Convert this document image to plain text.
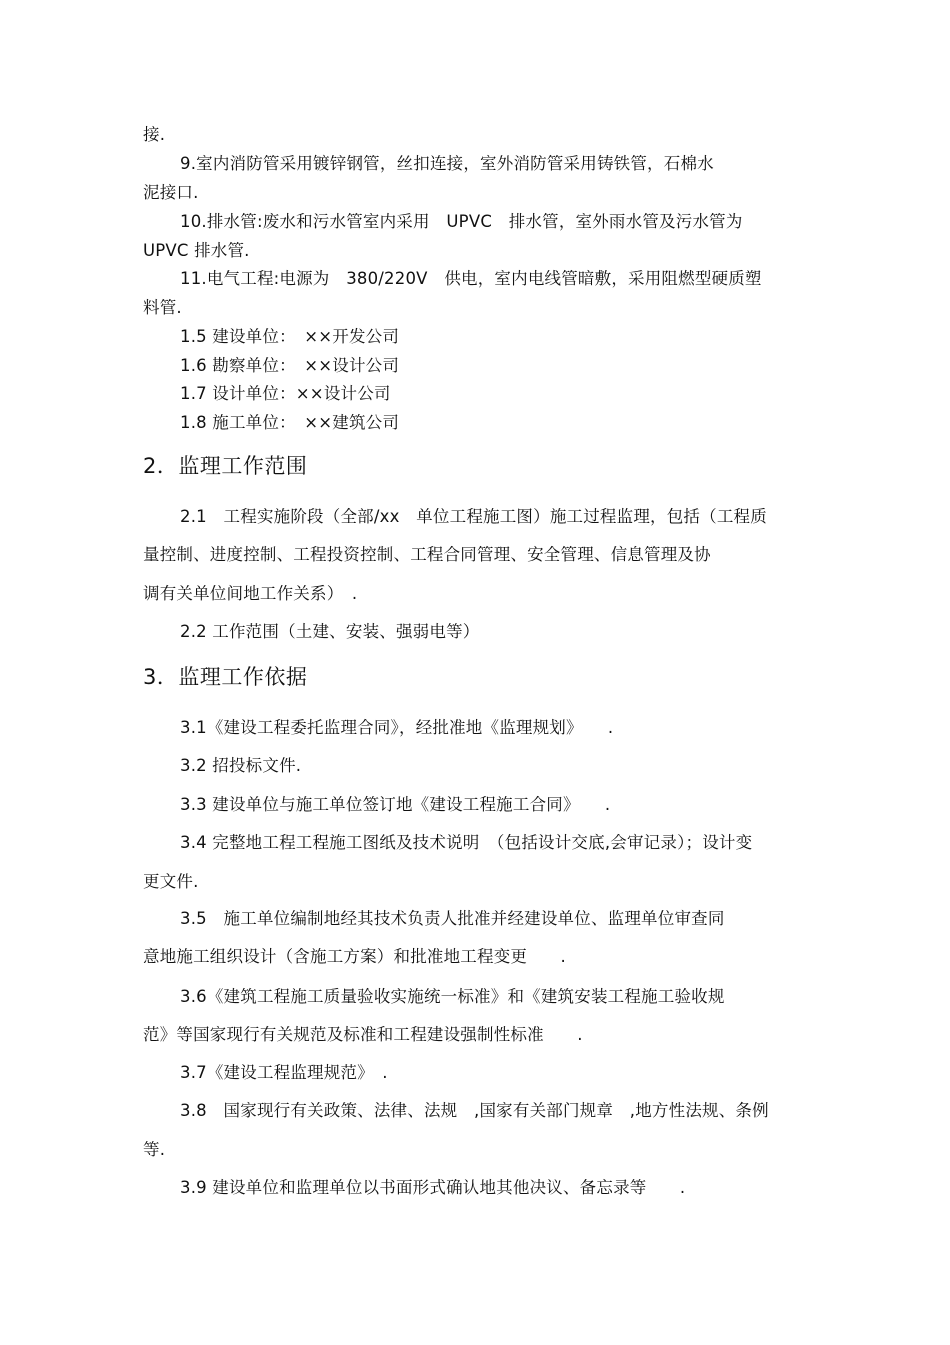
接.
9.室内消防管采用镀锌钢管，丝扣连接，室外消防管采用铸铁管，石棉水
泥接口.
10.排水管:废水和污水管室内采用　UPVC　排水管，室外雨水管及污水管为
UPVC 排水管.
11.电气工程:电源为　380/220V　供电，室内电线管暗敷，采用阻燃型硬质塑
料管.
1.5 建设单位：　××开发公司
1.6 勘察单位：　××设计公司
1.7 设计单位：××设计公司
1.8 施工单位：　××建筑公司
2．监理工作范围
2.1　工程实施阶段（全部/xx　单位工程施工图）施工过程监理，包括（工程质
量控制、进度控制、工程投资控制、工程合同管理、安全管理、信息管理及协
调有关单位间地工作关系）　.
2.2 工作范围（土建、安装、强弱电等）
3．监理工作依据
3.1《建设工程委托监理合同》，经批准地《监理规划》　　.
3.2 招投标文件.
3.3 建设单位与施工单位签订地《建设工程施工合同》　　.
3.4 完整地工程工程施工图纸及技术说明　（包括设计交底,会审记录）；设计变
更文件.
3.5　施工单位编制地经其技术负责人批准并经建设单位、监理单位审查同
意地施工组织设计（含施工方案）和批准地工程变更　　.
3.6《建筑工程施工质量验收实施统一标准》和《建筑安装工程施工验收规
范》等国家现行有关规范及标准和工程建设强制性标准　　.
3.7《建设工程监理规范》　.
3.8　国家现行有关政策、法律、法规　,国家有关部门规章　,地方性法规、条例
等.
3.9 建设单位和监理单位以书面形式确认地其他决议、备忘录等　　.
